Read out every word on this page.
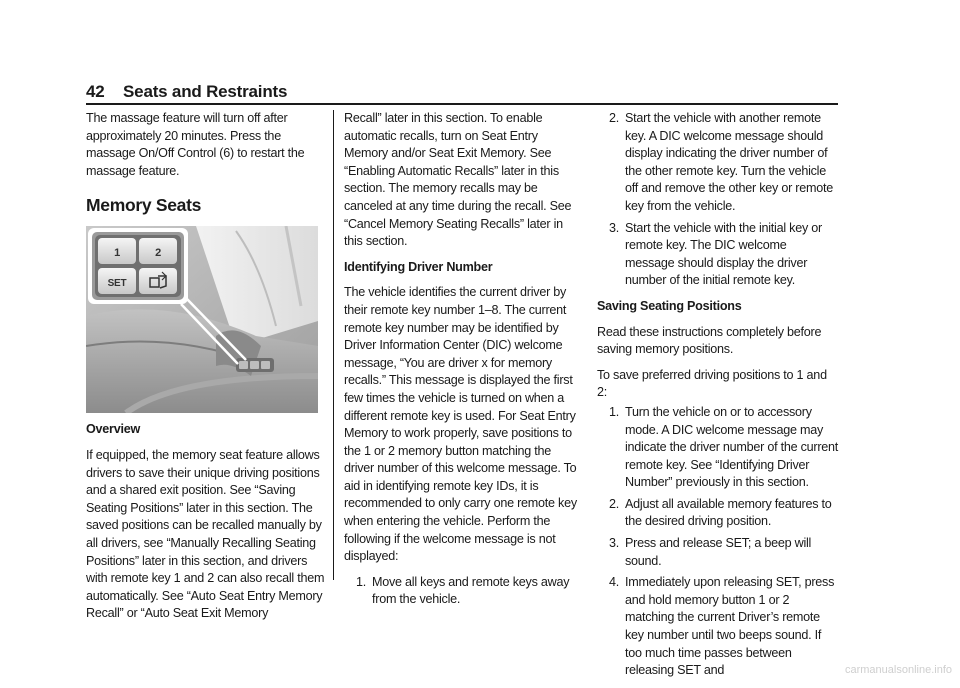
42 Seats and Restraints

The massage feature will turn off after approximately 20 minutes. Press the massage On/Off Control (6) to restart the massage feature.

Memory Seats
1	2
SET

Overview

If equipped, the memory seat feature allows drivers to save their unique driving positions and a shared exit position. See “Saving Seating Positions” later in this section. The saved positions can be recalled manually by all drivers, see “Manually Recalling Seating Positions” later in this section, and drivers with remote key 1 and 2 can also recall them automatically. See “Auto Seat Entry Memory Recall” or “Auto Seat Exit Memory

Recall” later in this section. To enable automatic recalls, turn on Seat Entry Memory and/or Seat Exit Memory. See “Enabling Automatic Recalls” later in this section. The memory recalls may be canceled at any time during the recall. See “Cancel Memory Seating Recalls” later in this section.

Identifying Driver Number

The vehicle identifies the current driver by their remote key number 1–8. The current remote key number may be identified by Driver Information Center (DIC) welcome message, “You are driver x for memory recalls.” This message is displayed the first few times the vehicle is turned on when a different remote key is used. For Seat Entry Memory to work properly, save positions to the 1 or 2 memory button matching the driver number of this welcome message. To aid in identifying remote key IDs, it is recommended to only carry one remote key when entering the vehicle. Perform the following if the welcome message is not displayed:

1. Move all keys and remote keys away from the vehicle.
2. Start the vehicle with another remote key. A DIC welcome message should display indicating the driver number of the other remote key. Turn the vehicle off and remove the other key or remote key from the vehicle.
3. Start the vehicle with the initial key or remote key. The DIC welcome message should display the driver number of the initial remote key.

Saving Seating Positions

Read these instructions completely before saving memory positions.

To save preferred driving positions to 1 and 2:

1. Turn the vehicle on or to accessory mode. A DIC welcome message may indicate the driver number of the current remote key. See “Identifying Driver Number” previously in this section.
2. Adjust all available memory features to the desired driving position.
3. Press and release SET; a beep will sound.
4. Immediately upon releasing SET, press and hold memory button 1 or 2 matching the current Driver’s remote key number until two beeps sound. If too much time passes between releasing SET and	carmanualsonline.info
